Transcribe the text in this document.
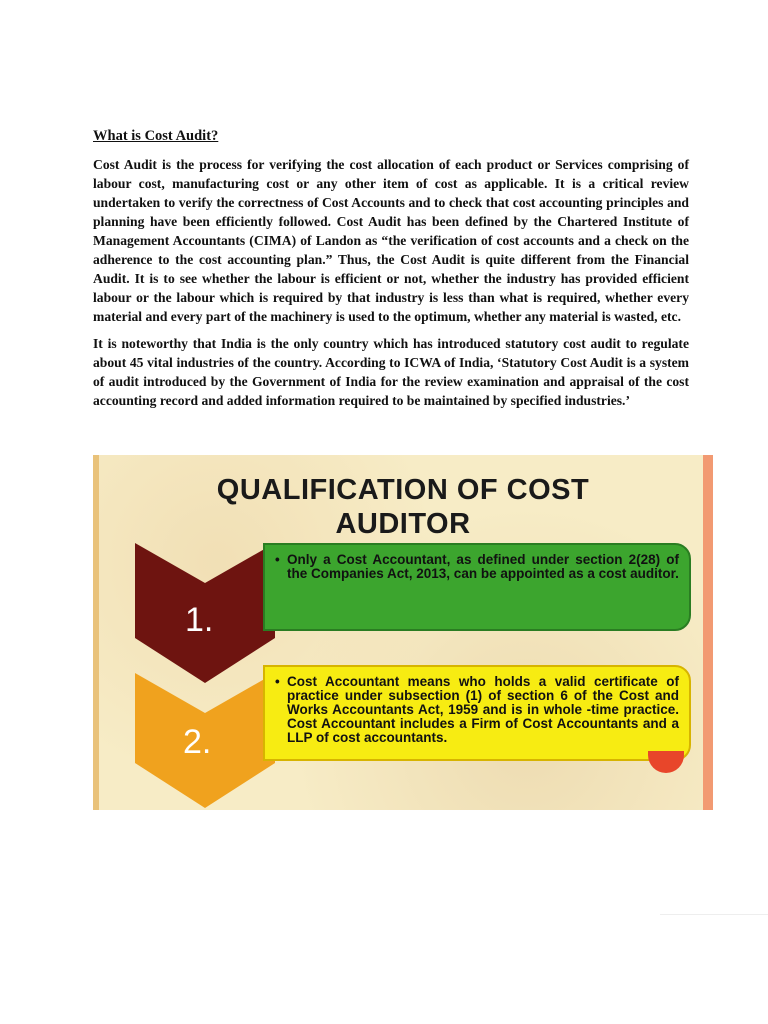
What is Cost Audit?

Cost Audit is the process for verifying the cost allocation of each product or Services comprising of labour cost, manufacturing cost or any other item of cost as applicable. It is a critical review undertaken to verify the correctness of Cost Accounts and to check that cost accounting principles and planning have been efficiently followed. Cost Audit has been defined by the Chartered Institute of Management Accountants (CIMA) of Landon as “the verification of cost accounts and a check on the adherence to the cost accounting plan.” Thus, the Cost Audit is quite different from the Financial Audit. It is to see whether the labour is efficient or not, whether the industry has provided efficient labour or the labour which is required by that industry is less than what is required, whether every material and every part of the machinery is used to the optimum, whether any material is wasted, etc.

It is noteworthy that India is the only country which has introduced statutory cost audit to regulate about 45 vital industries of the country. According to ICWA of India, ‘Statutory Cost Audit is a system of audit introduced by the Government of India for the review examination and appraisal of the cost accounting record and added information required to be maintained by specified industries.’

QUALIFICATION OF COST
AUDITOR
1.
• Only a Cost Accountant, as defined under section 2(28) of the Companies Act, 2013, can be appointed as a cost auditor.
2.
• Cost Accountant means who holds a valid certificate of practice under subsection (1) of section 6 of the Cost and Works Accountants Act, 1959 and is in whole -time practice. Cost Accountant includes a Firm of Cost Accountants and a LLP of cost accountants.
